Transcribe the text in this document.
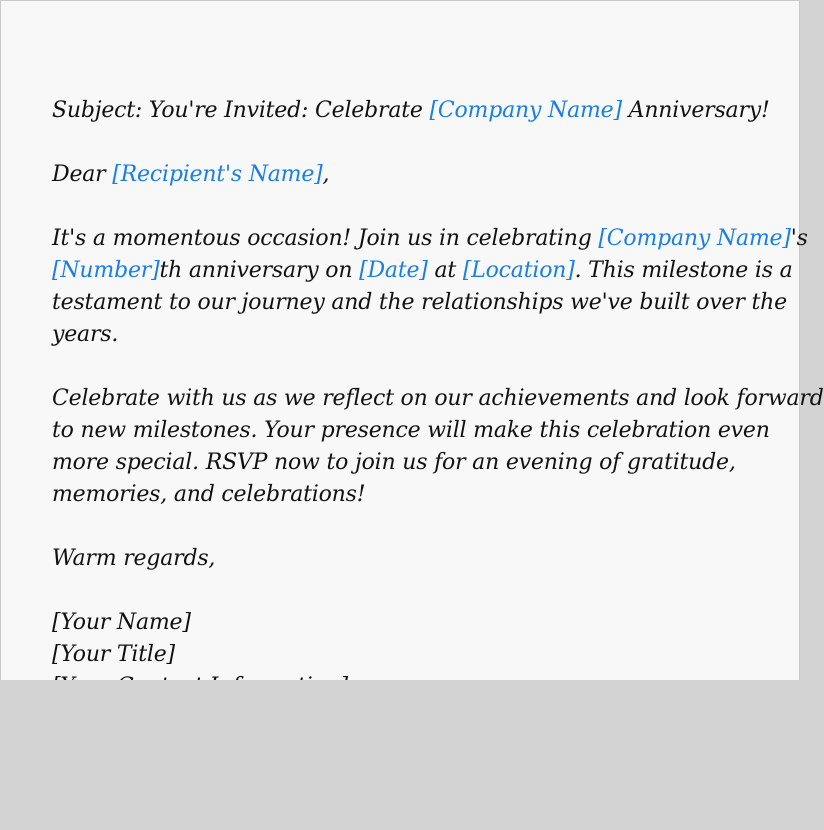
Subject: You're Invited: Celebrate [Company Name] Anniversary!
Dear [Recipient's Name],
It's a momentous occasion! Join us in celebrating [Company Name]'s
[Number]th anniversary on [Date] at [Location]. This milestone is a
testament to our journey and the relationships we've built over the
years.
Celebrate with us as we reflect on our achievements and look forward
to new milestones. Your presence will make this celebration even
more special. RSVP now to join us for an evening of gratitude,
memories, and celebrations!
Warm regards,
[Your Name]
[Your Title]
